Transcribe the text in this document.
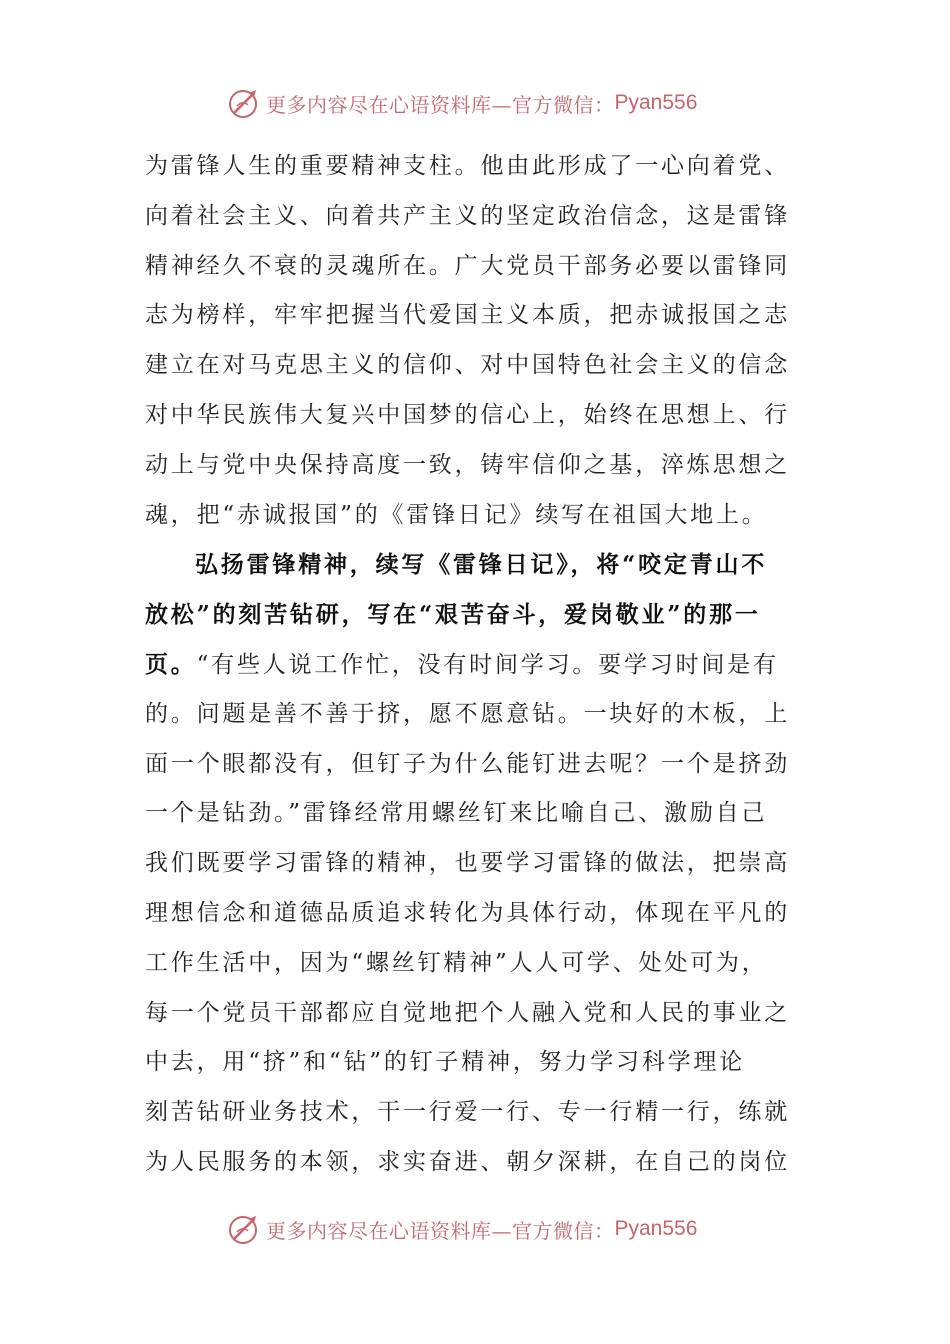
更多内容尽在心语资料库—官方微信： Pyan556
为雷锋人生的重要精神支柱。他由此形成了一心向着党、
向着社会主义、向着共产主义的坚定政治信念，这是雷锋
精神经久不衰的灵魂所在。广大党员干部务必要以雷锋同
志为榜样，牢牢把握当代爱国主义本质，把赤诚报国之志
建立在对马克思主义的信仰、对中国特色社会主义的信念
对中华民族伟大复兴中国梦的信心上，始终在思想上、行
动上与党中央保持高度一致，铸牢信仰之基，淬炼思想之
魂，把“赤诚报国”的《雷锋日记》续写在祖国大地上。
弘扬雷锋精神，续写《雷锋日记》，将“咬定青山不
放松”的刻苦钻研，写在“艰苦奋斗，爱岗敬业”的那一
页。“有些人说工作忙，没有时间学习。要学习时间是有
的。问题是善不善于挤，愿不愿意钻。一块好的木板，上
面一个眼都没有，但钉子为什么能钉进去呢？一个是挤劲
一个是钻劲。”雷锋经常用螺丝钉来比喻自己、激励自己
我们既要学习雷锋的精神，也要学习雷锋的做法，把崇高
理想信念和道德品质追求转化为具体行动，体现在平凡的
工作生活中，因为“螺丝钉精神”人人可学、处处可为，
每一个党员干部都应自觉地把个人融入党和人民的事业之
中去，用“挤”和“钻”的钉子精神，努力学习科学理论
刻苦钻研业务技术，干一行爱一行、专一行精一行，练就
为人民服务的本领，求实奋进、朝夕深耕，在自己的岗位
更多内容尽在心语资料库—官方微信： Pyan556
